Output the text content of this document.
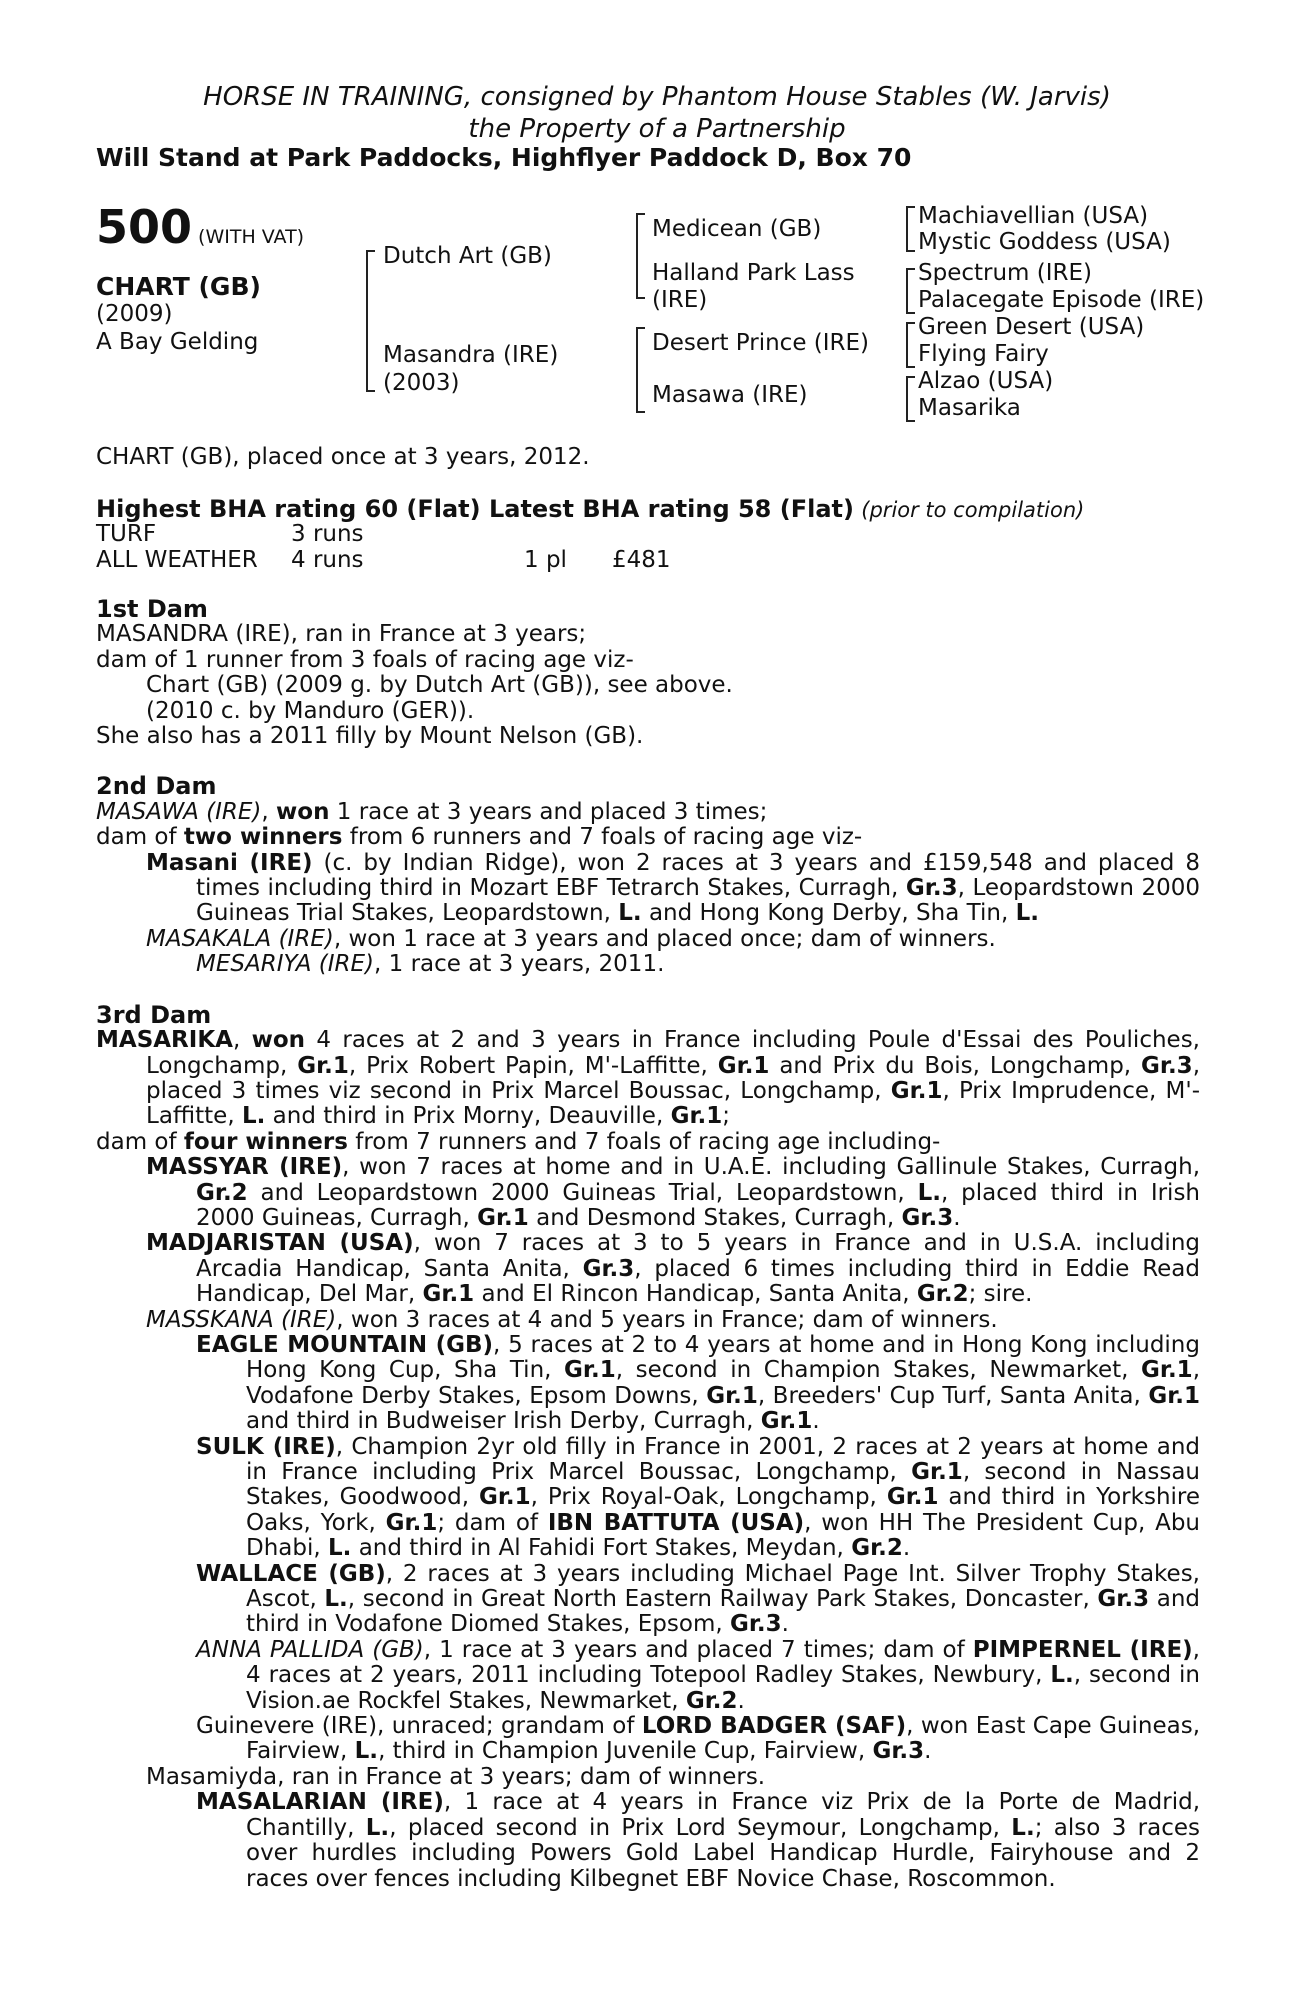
HORSE IN TRAINING, consigned by Phantom House Stables (W. Jarvis)
the Property of a Partnership
Will Stand at Park Paddocks, Highflyer Paddock D, Box 70
500 (WITH VAT)
CHART (GB)
(2009)
A Bay Gelding
Dutch Art (GB)
Masandra (IRE)
(2003)
Medicean (GB)
Halland Park Lass
(IRE)
Desert Prince (IRE)
Masawa (IRE)
Machiavellian (USA)
Mystic Goddess (USA)
Spectrum (IRE)
Palacegate Episode (IRE)
Green Desert (USA)
Flying Fairy
Alzao (USA)
Masarika
CHART (GB), placed once at 3 years, 2012.
Highest BHA rating 60 (Flat) Latest BHA rating 58 (Flat) (prior to compilation)
TURF	3 runs
ALL WEATHER 4 runs	1 pl £481

1st Dam

MASANDRA (IRE), ran in France at 3 years;

dam of 1 runner from 3 foals of racing age viz-

Chart (GB) (2009 g. by Dutch Art (GB)), see above.

(2010 c. by Manduro (GER)).

She also has a 2011 filly by Mount Nelson (GB).

2nd Dam

MASAWA (IRE), won 1 race at 3 years and placed 3 times;

dam of two winners from 6 runners and 7 foals of racing age viz-

Masani (IRE) (c. by Indian Ridge), won 2 races at 3 years and £159,548 and placed 8 times including third in Mozart EBF Tetrarch Stakes, Curragh, Gr.3, Leopardstown 2000 Guineas Trial Stakes, Leopardstown, L. and Hong Kong Derby, Sha Tin, L.

MASAKALA (IRE), won 1 race at 3 years and placed once; dam of winners.

MESARIYA (IRE), 1 race at 3 years, 2011.

3rd Dam

MASARIKA, won 4 races at 2 and 3 years in France including Poule d'Essai des Pouliches, Longchamp, Gr.1, Prix Robert Papin, M'-Laffitte, Gr.1 and Prix du Bois, Longchamp, Gr.3, placed 3 times viz second in Prix Marcel Boussac, Longchamp, Gr.1, Prix Imprudence, M'-Laffitte, L. and third in Prix Morny, Deauville, Gr.1;

dam of four winners from 7 runners and 7 foals of racing age including-

MASSYAR (IRE), won 7 races at home and in U.A.E. including Gallinule Stakes, Curragh, Gr.2 and Leopardstown 2000 Guineas Trial, Leopardstown, L., placed third in Irish 2000 Guineas, Curragh, Gr.1 and Desmond Stakes, Curragh, Gr.3.

MADJARISTAN (USA), won 7 races at 3 to 5 years in France and in U.S.A. including Arcadia Handicap, Santa Anita, Gr.3, placed 6 times including third in Eddie Read Handicap, Del Mar, Gr.1 and El Rincon Handicap, Santa Anita, Gr.2; sire.

MASSKANA (IRE), won 3 races at 4 and 5 years in France; dam of winners.

EAGLE MOUNTAIN (GB), 5 races at 2 to 4 years at home and in Hong Kong including Hong Kong Cup, Sha Tin, Gr.1, second in Champion Stakes, Newmarket, Gr.1, Vodafone Derby Stakes, Epsom Downs, Gr.1, Breeders' Cup Turf, Santa Anita, Gr.1 and third in Budweiser Irish Derby, Curragh, Gr.1.

SULK (IRE), Champion 2yr old filly in France in 2001, 2 races at 2 years at home and in France including Prix Marcel Boussac, Longchamp, Gr.1, second in Nassau Stakes, Goodwood, Gr.1, Prix Royal-Oak, Longchamp, Gr.1 and third in Yorkshire Oaks, York, Gr.1; dam of IBN BATTUTA (USA), won HH The President Cup, Abu Dhabi, L. and third in Al Fahidi Fort Stakes, Meydan, Gr.2.

WALLACE (GB), 2 races at 3 years including Michael Page Int. Silver Trophy Stakes, Ascot, L., second in Great North Eastern Railway Park Stakes, Doncaster, Gr.3 and third in Vodafone Diomed Stakes, Epsom, Gr.3.

ANNA PALLIDA (GB), 1 race at 3 years and placed 7 times; dam of PIMPERNEL (IRE), 4 races at 2 years, 2011 including Totepool Radley Stakes, Newbury, L., second in Vision.ae Rockfel Stakes, Newmarket, Gr.2.

Guinevere (IRE), unraced; grandam of LORD BADGER (SAF), won East Cape Guineas, Fairview, L., third in Champion Juvenile Cup, Fairview, Gr.3.

Masamiyda, ran in France at 3 years; dam of winners.

MASALARIAN (IRE), 1 race at 4 years in France viz Prix de la Porte de Madrid, Chantilly, L., placed second in Prix Lord Seymour, Longchamp, L.; also 3 races over hurdles including Powers Gold Label Handicap Hurdle, Fairyhouse and 2 races over fences including Kilbegnet EBF Novice Chase, Roscommon.
